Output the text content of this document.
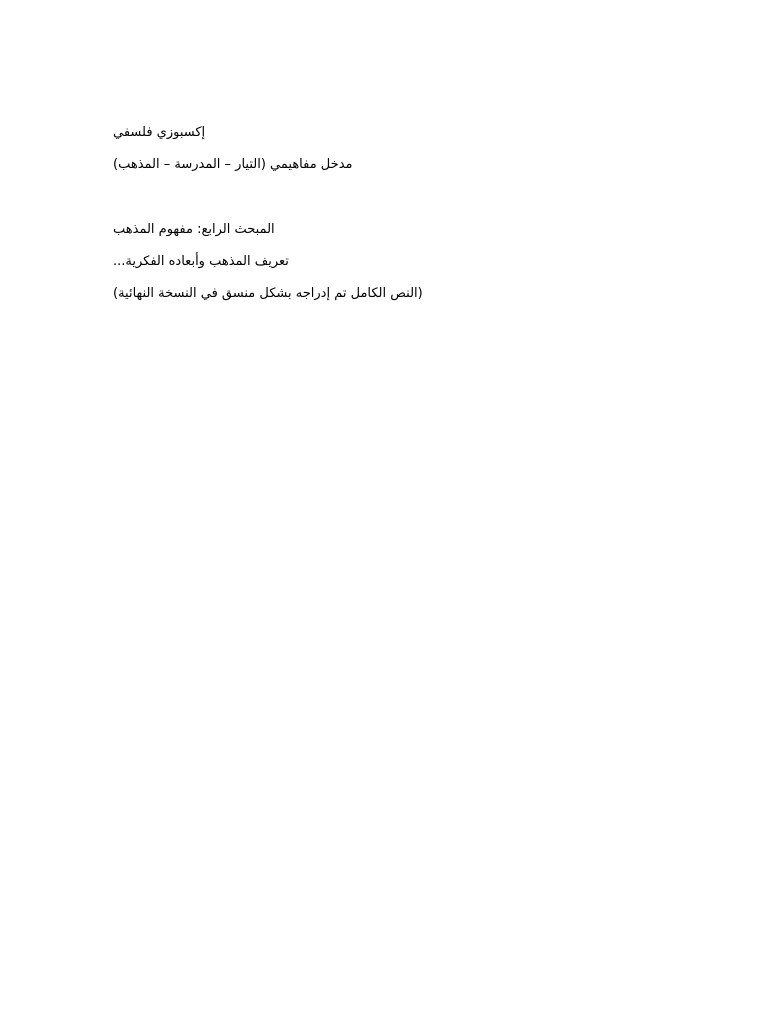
إكسبوزي فلسفي
مدخل مفاهيمي (التيار – المدرسة – المذهب)
المبحث الرابع: مفهوم المذهب
تعريف المذهب وأبعاده الفكرية...
(النص الكامل تم إدراجه بشكل منسق في النسخة النهائية)
